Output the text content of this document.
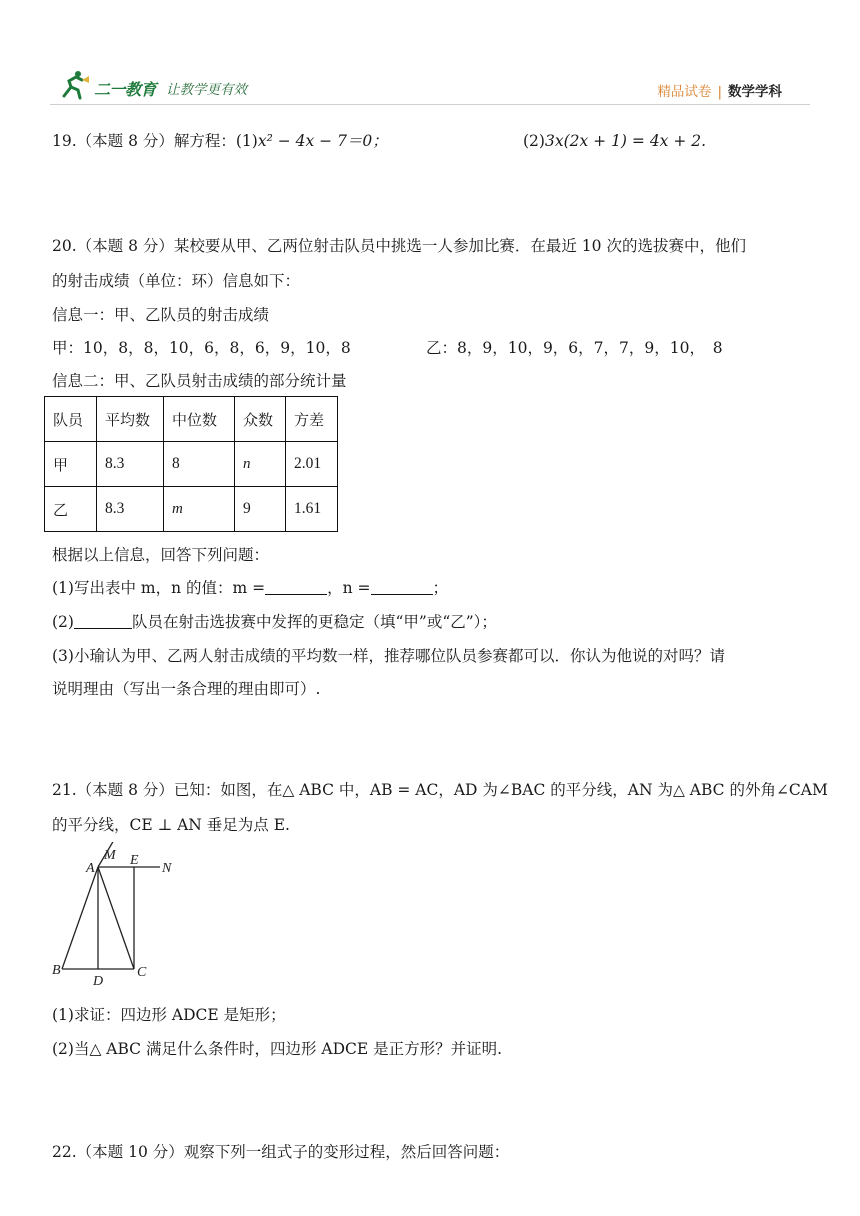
二一教育 让教学更有效	精品试卷 | 数学学科
19.（本题 8 分）解方程：(1)x² − 4x − 7＝0；	(2)3x(2x + 1) = 4x + 2.
20.（本题 8 分）某校要从甲、乙两位射击队员中挑选一人参加比赛．在最近 10 次的选拔赛中，他们
的射击成绩（单位：环）信息如下：
信息一：甲、乙队员的射击成绩
甲：10，8，8，10，6，8，6，9，10，8	乙：8，9，10，9，6，7，7，9，10，　8
信息二：甲、乙队员射击成绩的部分统计量
队员	平均数	中位数	众数	方差
甲	8.3	8	n	2.01
乙	8.3	m	9	1.61
根据以上信息，回答下列问题：
(1)写出表中 m，n 的值：m =	，n =	；
(2)	队员在射击选拔赛中发挥的更稳定（填“甲”或“乙”）；
(3)小瑜认为甲、乙两人射击成绩的平均数一样，推荐哪位队员参赛都可以．你认为他说的对吗？请
说明理由（写出一条合理的理由即可）.
21.（本题 8 分）已知：如图，在△ ABC 中，AB = AC，AD 为∠BAC 的平分线，AN 为△ ABC 的外角∠CAM
的平分线，CE ⊥ AN 垂足为点 E.
M
A
E
N
B
D
C
(1)求证：四边形 ADCE 是矩形；
(2)当△ ABC 满足什么条件时，四边形 ADCE 是正方形？并证明.
22.（本题 10 分）观察下列一组式子的变形过程，然后回答问题：
